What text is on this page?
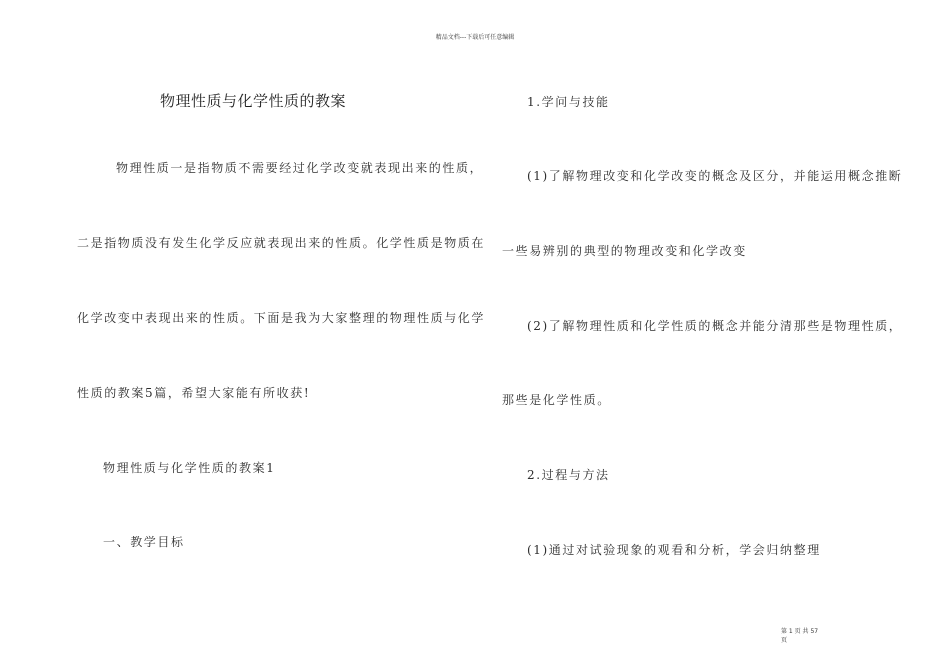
精品文档---下载后可任意编辑
物理性质与化学性质的教案
物理性质一是指物质不需要经过化学改变就表现出来的性质，
二是指物质没有发生化学反应就表现出来的性质。化学性质是物质在
化学改变中表现出来的性质。下面是我为大家整理的物理性质与化学
性质的教案5篇，希望大家能有所收获!
物理性质与化学性质的教案1
一、教学目标
1.学问与技能
(1)了解物理改变和化学改变的概念及区分，并能运用概念推断
一些易辨别的典型的物理改变和化学改变
(2)了解物理性质和化学性质的概念并能分清那些是物理性质，
那些是化学性质。
2.过程与方法
(1)通过对试验现象的观看和分析，学会归纳整理
第 1 页 共 57
页
